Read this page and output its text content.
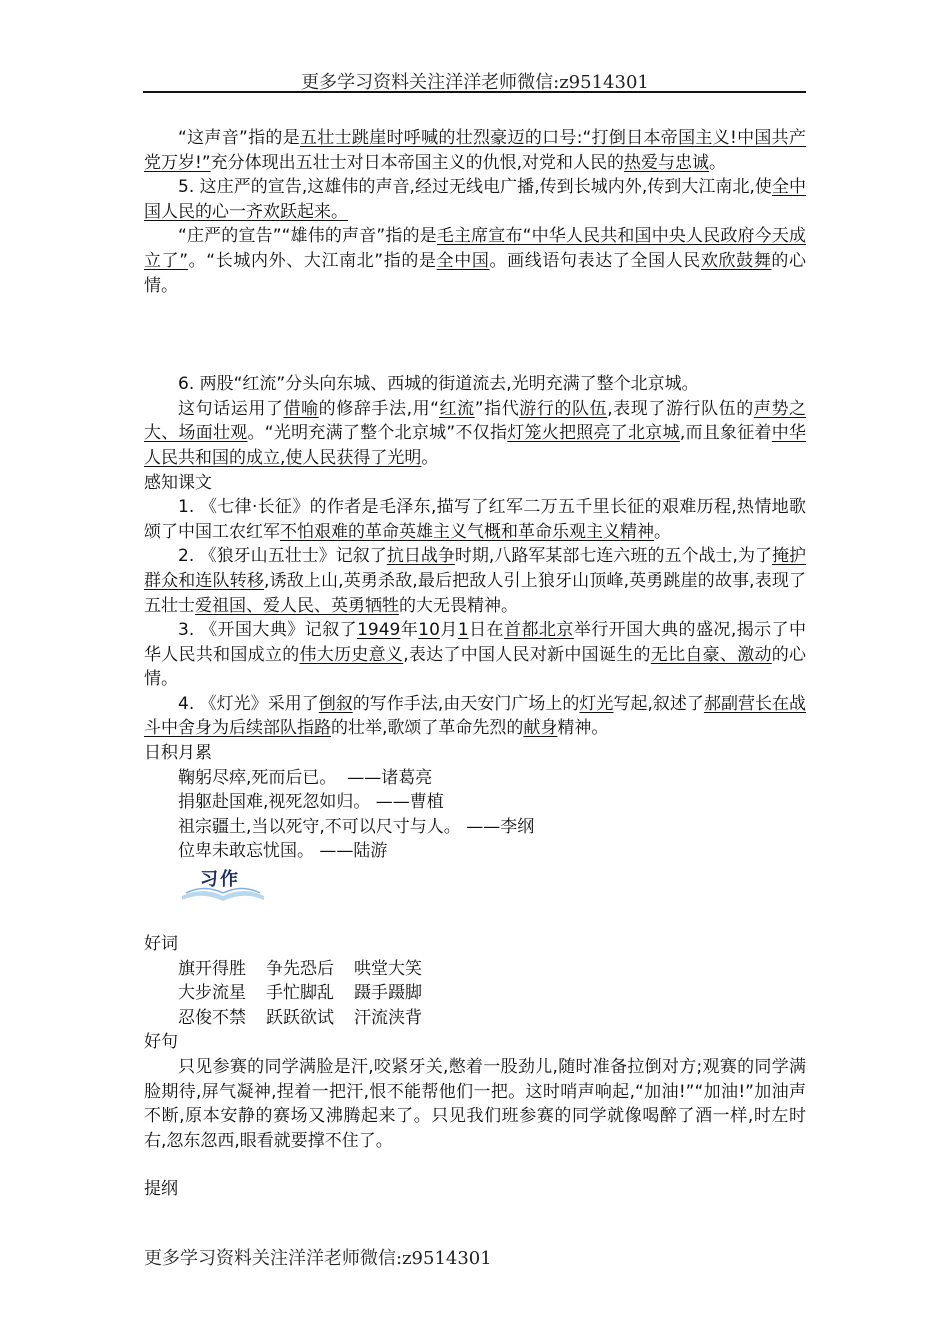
更多学习资料关注洋洋老师微信:z9514301

“这声音”指的是五壮士跳崖时呼喊的壮烈豪迈的口号:“打倒日本帝国主义!中国共产党万岁!”充分体现出五壮士对日本帝国主义的仇恨,对党和人民的热爱与忠诚。

5. 这庄严的宣告,这雄伟的声音,经过无线电广播,传到长城内外,传到大江南北,使全中国人民的心一齐欢跃起来。

“庄严的宣告”“雄伟的声音”指的是毛主席宣布“中华人民共和国中央人民政府今天成立了”。“长城内外、大江南北”指的是全中国。画线语句表达了全国人民欢欣鼓舞的心情。

6. 两股“红流”分头向东城、西城的街道流去,光明充满了整个北京城。

这句话运用了借喻的修辞手法,用“红流”指代游行的队伍,表现了游行队伍的声势之大、场面壮观。“光明充满了整个北京城”不仅指灯笼火把照亮了北京城,而且象征着中华人民共和国的成立,使人民获得了光明。

感知课文

1. 《七律·长征》的作者是毛泽东,描写了红军二万五千里长征的艰难历程,热情地歌颂了中国工农红军不怕艰难的革命英雄主义气概和革命乐观主义精神。

2. 《狼牙山五壮士》记叙了抗日战争时期,八路军某部七连六班的五个战士,为了掩护群众和连队转移,诱敌上山,英勇杀敌,最后把敌人引上狼牙山顶峰,英勇跳崖的故事,表现了五壮士爱祖国、爱人民、英勇牺牲的大无畏精神。

3. 《开国大典》记叙了1949年10月1日在首都北京举行开国大典的盛况,揭示了中华人民共和国成立的伟大历史意义,表达了中国人民对新中国诞生的无比自豪、激动的心情。

4. 《灯光》采用了倒叙的写作手法,由天安门广场上的灯光写起,叙述了郝副营长在战斗中舍身为后续部队指路的壮举,歌颂了革命先烈的献身精神。

日积月累

鞠躬尽瘁,死而后已。  ——诸葛亮

捐躯赴国难,视死忽如归。 ——曹植

祖宗疆土,当以死守,不可以尺寸与人。 ——李纲

位卑未敢忘忧国。 ——陆游

习作

好词

旗开得胜 争先恐后 哄堂大笑

大步流星 手忙脚乱 蹑手蹑脚

忍俊不禁 跃跃欲试 汗流浃背

好句

只见参赛的同学满脸是汗,咬紧牙关,憋着一股劲儿,随时准备拉倒对方;观赛的同学满脸期待,屏气凝神,捏着一把汗,恨不能帮他们一把。这时哨声响起,“加油!”“加油!”加油声不断,原本安静的赛场又沸腾起来了。只见我们班参赛的同学就像喝醉了酒一样,时左时右,忽东忽西,眼看就要撑不住了。

提纲

更多学习资料关注洋洋老师微信:z9514301
